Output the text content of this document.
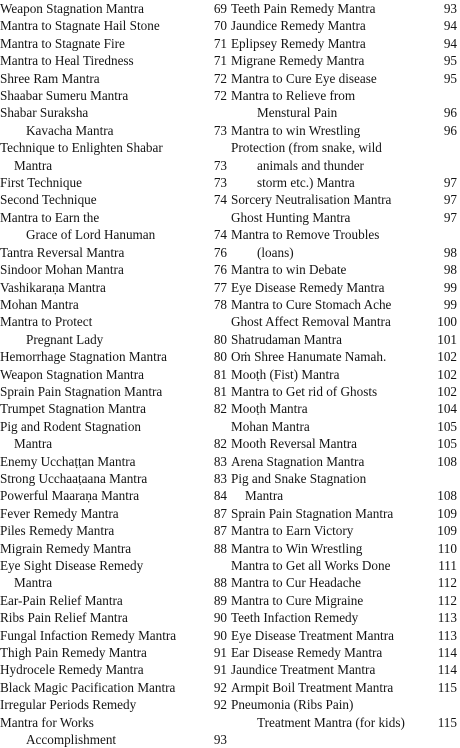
Weapon Stagnation Mantra	69
Mantra to Stagnate Hail Stone	70
Mantra to Stagnate Fire	71
Mantra to Heal Tiredness	71
Shree Ram Mantra	72
Shaabar Sumeru Mantra	72
Shabar Suraksha
Kavacha Mantra	73
Technique to Enlighten Shabar
Mantra	73
First Technique	73
Second Technique	74
Mantra to Earn the
Grace of Lord Hanuman	74
Tantra Reversal Mantra	76
Sindoor Mohan Mantra	76
Vashikaraṇa Mantra	77
Mohan Mantra	78
Mantra to Protect
Pregnant Lady	80
Hemorrhage Stagnation Mantra	80
Weapon Stagnation Mantra	81
Sprain Pain Stagnation Mantra	81
Trumpet Stagnation Mantra	82
Pig and Rodent Stagnation
Mantra	82
Enemy Ucchaṭṭan Mantra	83
Strong Ucchaaṭaana Mantra	83
Powerful Maaraṇa Mantra	84
Fever Remedy Mantra	87
Piles Remedy Mantra	87
Migrain Remedy Mantra	88
Eye Sight Disease Remedy
Mantra	88
Ear-Pain Relief Mantra	89
Ribs Pain Relief Mantra	90
Fungal Infaction Remedy Mantra	90
Thigh Pain Remedy Mantra	91
Hydrocele Remedy Mantra	91
Black Magic Pacification Mantra	92
Irregular Periods Remedy	92
Mantra for Works
Accomplishment	93
Teeth Pain Remedy Mantra	93
Jaundice Remedy Mantra	94
Eplipsey Remedy Mantra	94
Migrane Remedy Mantra	95
Mantra to Cure Eye disease	95
Mantra to Relieve from
Menstural Pain	96
Mantra to win Wrestling	96
Protection (from snake, wild
animals and thunder
storm etc.) Mantra	97
Sorcery Neutralisation Mantra	97
Ghost Hunting Mantra	97
Mantra to Remove Troubles
(loans)	98
Mantra to win Debate	98
Eye Disease Remedy Mantra	99
Mantra to Cure Stomach Ache	99
Ghost Affect Removal Mantra	100
Shatrudaman Mantra	101
Oṁ Shree Hanumate Namah.	102
Mooṭh (Fist) Mantra	102
Mantra to Get rid of Ghosts	102
Mooṭh Mantra	104
Mohan Mantra	105
Mooth Reversal Mantra	105
Arena Stagnation Mantra	108
Pig and Snake Stagnation
Mantra	108
Sprain Pain Stagnation Mantra	109
Mantra to Earn Victory	109
Mantra to Win Wrestling	110
Mantra to Get all Works Done	111
Mantra to Cur Headache	112
Mantra to Cure Migraine	112
Teeth Infaction Remedy	113
Eye Disease Treatment Mantra	113
Ear Disease Remedy Mantra	114
Jaundice Treatment Mantra	114
Armpit Boil Treatment Mantra	115
Pneumonia (Ribs Pain)
Treatment Mantra (for kids)	115
